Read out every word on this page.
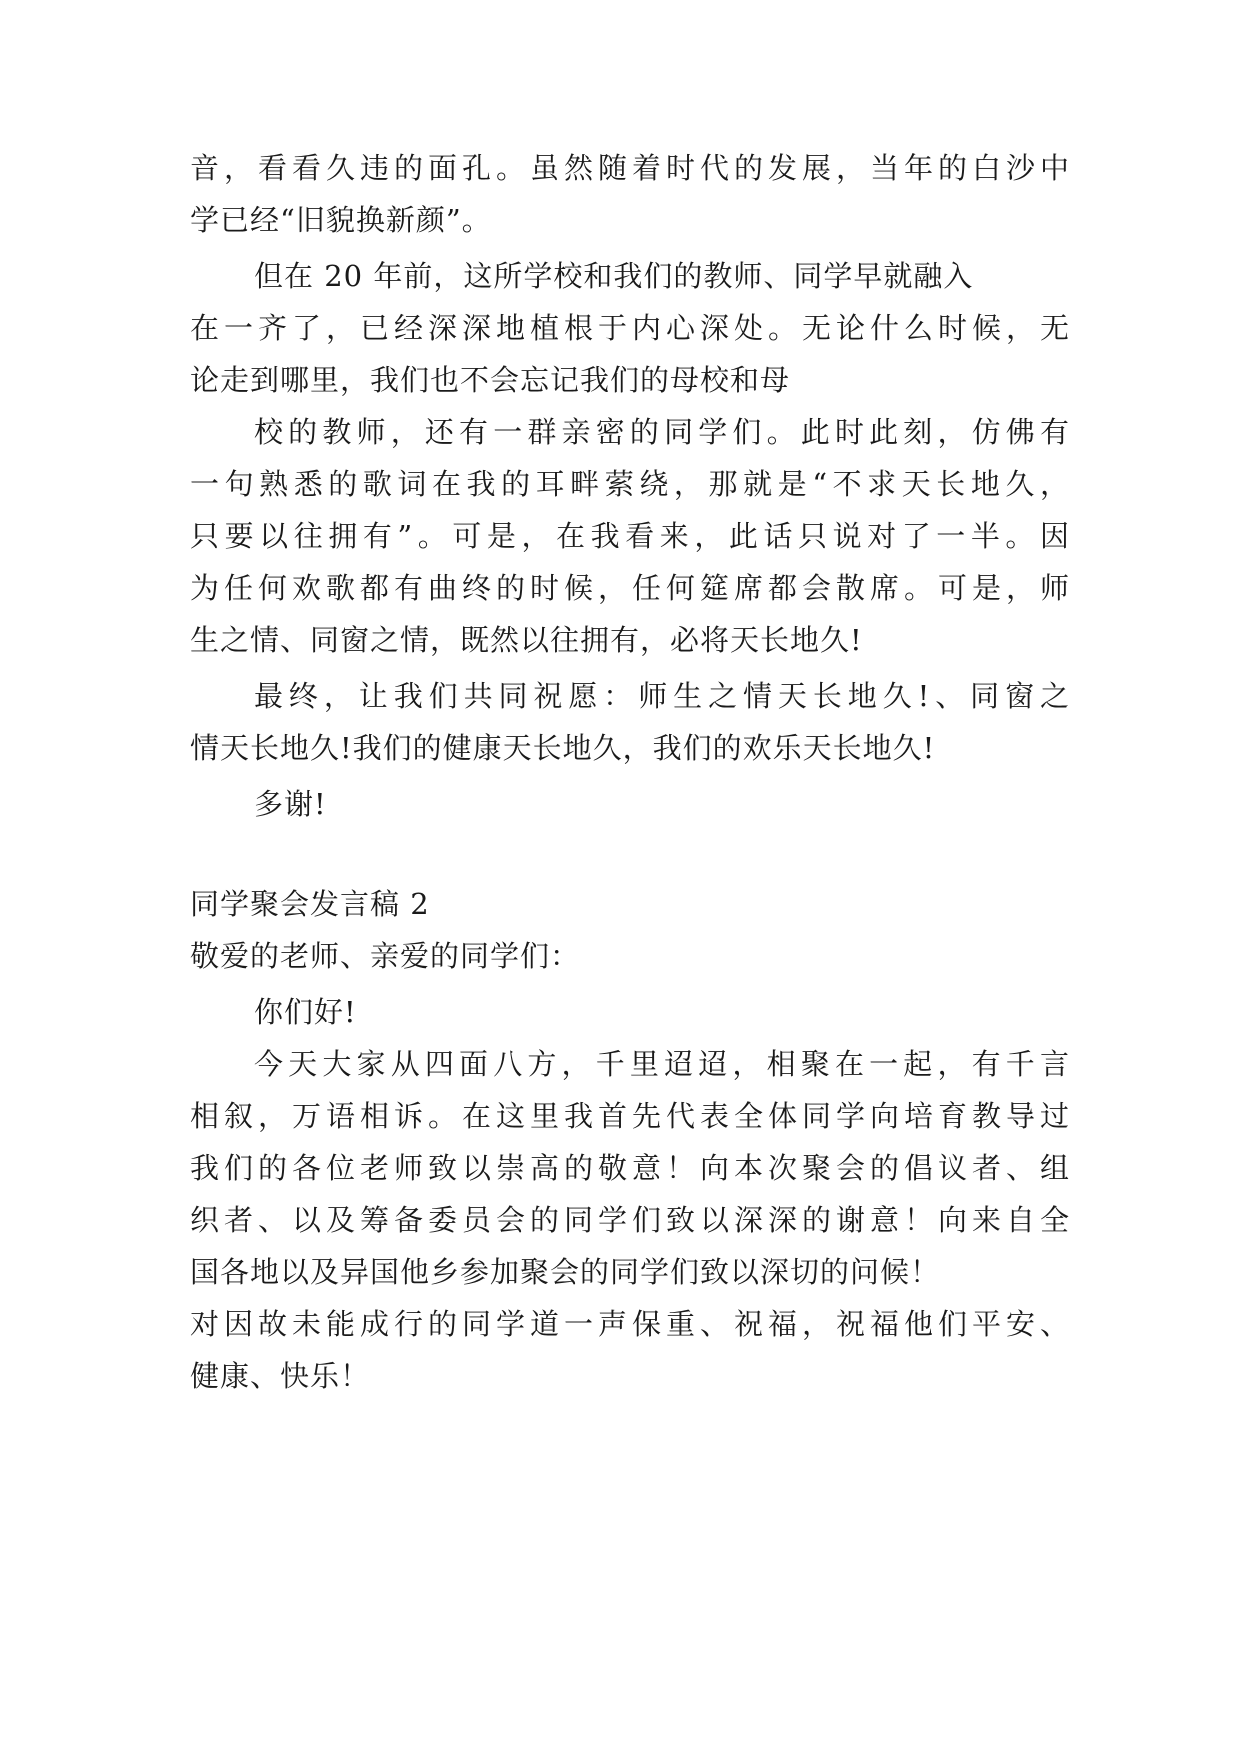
音，看看久违的面孔。虽然随着时代的发展，当年的白沙中
学已经“旧貌换新颜”。
但在 20 年前，这所学校和我们的教师、同学早就融入
在一齐了，已经深深地植根于内心深处。无论什么时候，无
论走到哪里，我们也不会忘记我们的母校和母
校的教师，还有一群亲密的同学们。此时此刻，仿佛有
一句熟悉的歌词在我的耳畔萦绕，那就是“不求天长地久，
只要以往拥有”。可是，在我看来，此话只说对了一半。因
为任何欢歌都有曲终的时候，任何筵席都会散席。可是，师
生之情、同窗之情，既然以往拥有，必将天长地久!
最终，让我们共同祝愿：师生之情天长地久!、同窗之
情天长地久!我们的健康天长地久，我们的欢乐天长地久!
多谢!
同学聚会发言稿 2
敬爱的老师、亲爱的同学们：
你们好!
今天大家从四面八方，千里迢迢，相聚在一起，有千言
相叙，万语相诉。在这里我首先代表全体同学向培育教导过
我们的各位老师致以崇高的敬意！向本次聚会的倡议者、组
织者、以及筹备委员会的同学们致以深深的谢意！向来自全
国各地以及异国他乡参加聚会的同学们致以深切的问候！
对因故未能成行的同学道一声保重、祝福，祝福他们平安、
健康、快乐！
